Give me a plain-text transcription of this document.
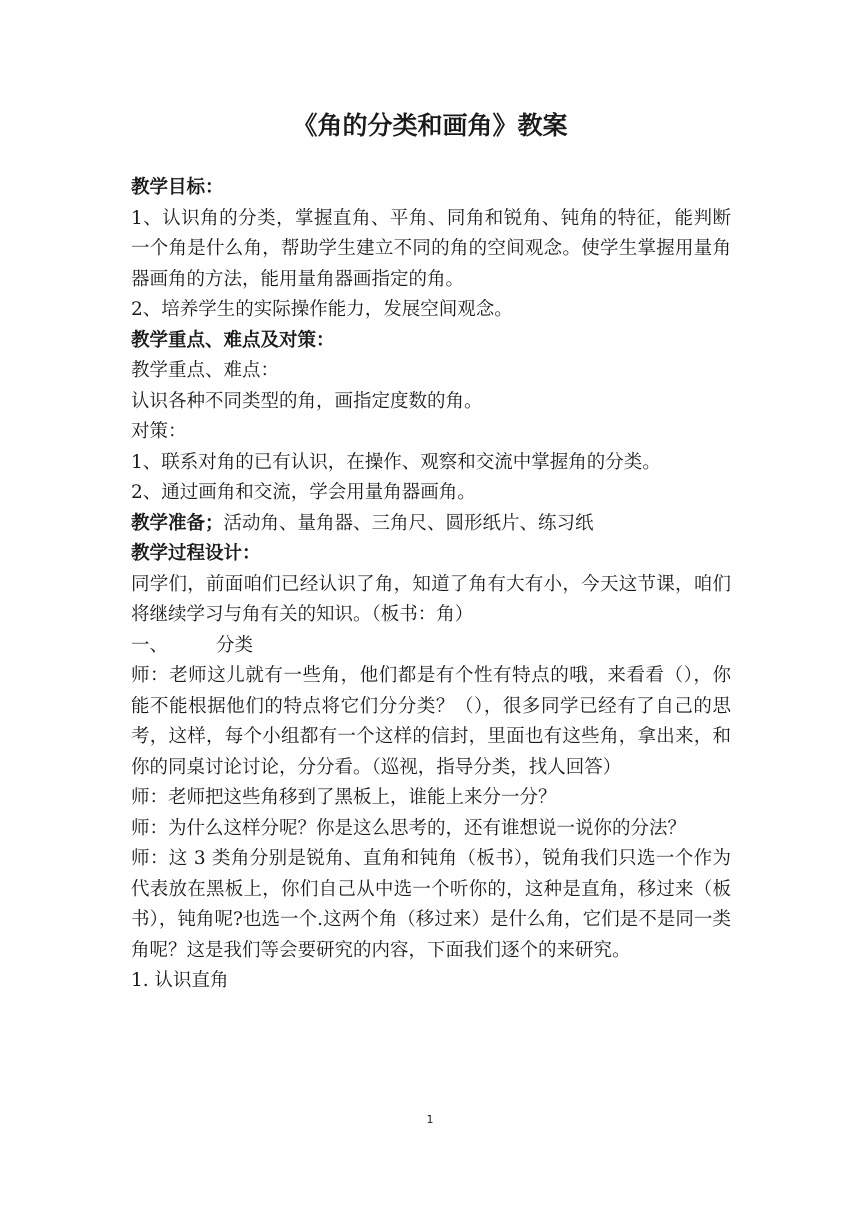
《角的分类和画角》教案

教学目标：

1、认识角的分类，掌握直角、平角、同角和锐角、钝角的特征，能判断一个角是什么角，帮助学生建立不同的角的空间观念。使学生掌握用量角器画角的方法，能用量角器画指定的角。

2、培养学生的实际操作能力，发展空间观念。

教学重点、难点及对策：

教学重点、难点：

认识各种不同类型的角，画指定度数的角。

对策：

1、联系对角的已有认识，在操作、观察和交流中掌握角的分类。

2、通过画角和交流，学会用量角器画角。

教学准备；活动角、量角器、三角尺、圆形纸片、练习纸

教学过程设计：

同学们，前面咱们已经认识了角，知道了角有大有小，今天这节课，咱们将继续学习与角有关的知识。（板书：角）

一、	分类

师：老师这儿就有一些角，他们都是有个性有特点的哦，来看看（），你能不能根据他们的特点将它们分分类？（），很多同学已经有了自己的思考，这样，每个小组都有一个这样的信封，里面也有这些角，拿出来，和你的同桌讨论讨论，分分看。（巡视，指导分类，找人回答）

师：老师把这些角移到了黑板上，谁能上来分一分？

师：为什么这样分呢？你是这么思考的，还有谁想说一说你的分法？

师：这 3 类角分别是锐角、直角和钝角（板书），锐角我们只选一个作为代表放在黑板上，你们自己从中选一个听你的，这种是直角，移过来（板书），钝角呢?也选一个.这两个角（移过来）是什么角，它们是不是同一类角呢？这是我们等会要研究的内容，下面我们逐个的来研究。

1. 认识直角

1
